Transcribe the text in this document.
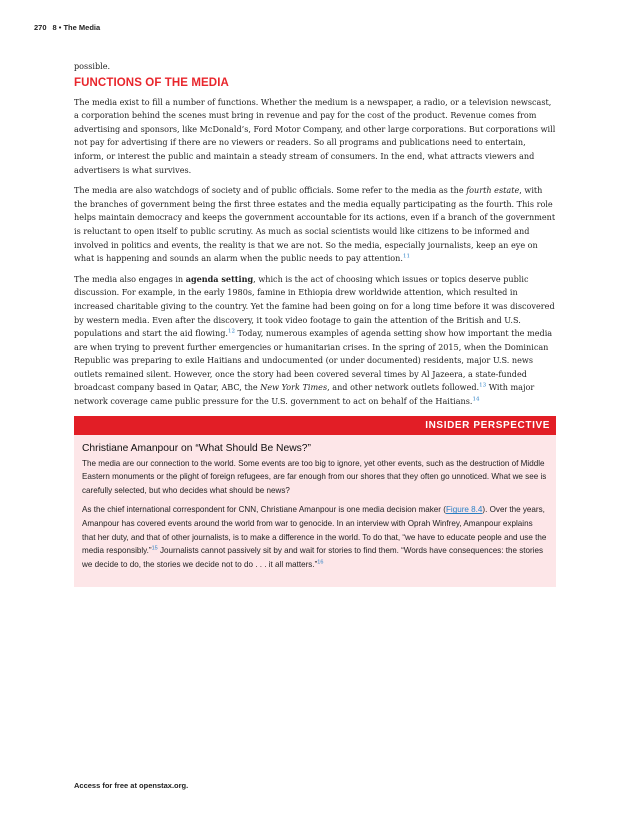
270 8 • The Media

possible.

FUNCTIONS OF THE MEDIA

The media exist to fill a number of functions. Whether the medium is a newspaper, a radio, or a television newscast, a corporation behind the scenes must bring in revenue and pay for the cost of the product. Revenue comes from advertising and sponsors, like McDonald’s, Ford Motor Company, and other large corporations. But corporations will not pay for advertising if there are no viewers or readers. So all programs and publications need to entertain, inform, or interest the public and maintain a steady stream of consumers. In the end, what attracts viewers and advertisers is what survives.

The media are also watchdogs of society and of public officials. Some refer to the media as the fourth estate, with the branches of government being the first three estates and the media equally participating as the fourth. This role helps maintain democracy and keeps the government accountable for its actions, even if a branch of the government is reluctant to open itself to public scrutiny. As much as social scientists would like citizens to be informed and involved in politics and events, the reality is that we are not. So the media, especially journalists, keep an eye on what is happening and sounds an alarm when the public needs to pay attention.$^{11}$

The media also engages in agenda setting, which is the act of choosing which issues or topics deserve public discussion. For example, in the early 1980s, famine in Ethiopia drew worldwide attention, which resulted in increased charitable giving to the country. Yet the famine had been going on for a long time before it was discovered by western media. Even after the discovery, it took video footage to gain the attention of the British and U.S. populations and start the aid flowing.$^{12}$ Today, numerous examples of agenda setting show how important the media are when trying to prevent further emergencies or humanitarian crises. In the spring of 2015, when the Dominican Republic was preparing to exile Haitians and undocumented (or under documented) residents, major U.S. news outlets remained silent. However, once the story had been covered several times by Al Jazeera, a state-funded broadcast company based in Qatar, ABC, the New York Times, and other network outlets followed.$^{13}$ With major network coverage came public pressure for the U.S. government to act on behalf of the Haitians.$^{14}$

INSIDER PERSPECTIVE
Christiane Amanpour on “What Should Be News?”

The media are our connection to the world. Some events are too big to ignore, yet other events, such as the destruction of Middle Eastern monuments or the plight of foreign refugees, are far enough from our shores that they often go unnoticed. What we see is carefully selected, but who decides what should be news?

As the chief international correspondent for CNN, Christiane Amanpour is one media decision maker (Figure 8.4). Over the years, Amanpour has covered events around the world from war to genocide. In an interview with Oprah Winfrey, Amanpour explains that her duty, and that of other journalists, is to make a difference in the world. To do that, “we have to educate people and use the media responsibly.”$^{15}$ Journalists cannot passively sit by and wait for stories to find them. “Words have consequences: the stories we decide to do, the stories we decide not to do . . . it all matters.”$^{16}$

Access for free at openstax.org.
